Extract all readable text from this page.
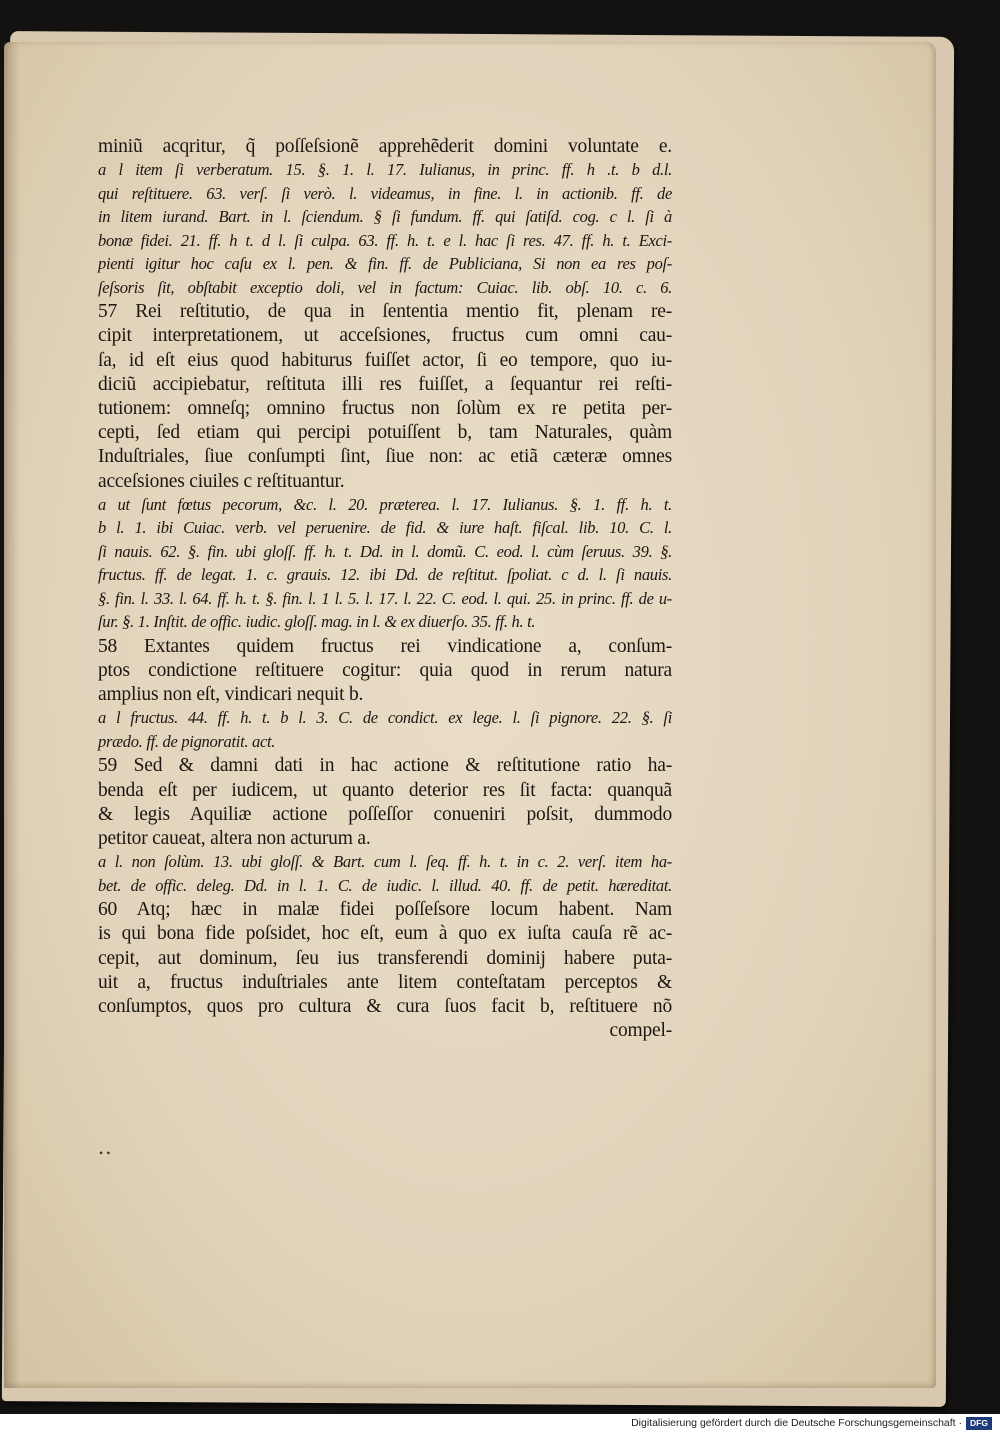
miniũ acqritur, q̃ poſſeſsionẽ apprehẽderit domini voluntate e.
a l item ſi verberatum. 15. §. 1. l. 17. Iulianus, in princ. ff. h .t. b d.l.
qui reſtituere. 63. verſ. ſi verò. l. videamus, in fine. l. in actionib. ff. de
in litem iurand. Bart. in l. ſciendum. § ſi fundum. ff. qui ſatiſd. cog. c l. ſi à
bonæ fidei. 21. ff. h t. d l. ſi culpa. 63. ff. h. t. e l. hac ſi res. 47. ff. h. t. Exci-
pienti igitur hoc caſu ex l. pen. & fin. ff. de Publiciana, Si non ea res poſ-
ſeſsoris ſit, obſtabit exceptio doli, vel in factum: Cuiac. lib. obſ. 10. c. 6.
57 Rei reſtitutio, de qua in ſententia mentio fit, plenam re-
cipit interpretationem, ut acceſsiones, fructus cum omni cau-
ſa, id eſt eius quod habiturus fuiſſet actor, ſi eo tempore, quo iu-
diciũ accipiebatur, reſtituta illi res fuiſſet, a ſequantur rei reſti-
tutionem: omneſq; omnino fructus non ſolùm ex re petita per-
cepti, ſed etiam qui percipi potuiſſent b, tam Naturales, quàm
Induſtriales, ſiue conſumpti ſint, ſiue non: ac etiã cæteræ omnes
acceſsiones ciuiles c reſtituantur.
a ut ſunt fœtus pecorum, &c. l. 20. præterea. l. 17. Iulianus. §. 1. ff. h. t.
b l. 1. ibi Cuiac. verb. vel peruenire. de fid. & iure haſt. fiſcal. lib. 10. C. l.
ſi nauis. 62. §. fin. ubi gloſſ. ff. h. t. Dd. in l. domũ. C. eod. l. cùm ſeruus. 39. §.
fructus. ff. de legat. 1. c. grauis. 12. ibi Dd. de reſtitut. ſpoliat. c d. l. ſi nauis.
§. fin. l. 33. l. 64. ff. h. t. §. fin. l. 1 l. 5. l. 17. l. 22. C. eod. l. qui. 25. in princ. ff. de u-
ſur. §. 1. Inſtit. de offic. iudic. gloſſ. mag. in l. & ex diuerſo. 35. ff. h. t.
58 Extantes quidem fructus rei vindicatione a, conſum-
ptos condictione reſtituere cogitur: quia quod in rerum natura
amplius non eſt, vindicari nequit b.
a l fructus. 44. ff. h. t. b l. 3. C. de condict. ex lege. l. ſi pignore. 22. §. ſi
prædo. ff. de pignoratit. act.
59 Sed & damni dati in hac actione & reſtitutione ratio ha-
benda eſt per iudicem, ut quanto deterior res ſit facta: quanquã
& legis Aquiliæ actione poſſeſſor conueniri poſsit, dummodo
petitor caueat, altera non acturum a.
a l. non ſolùm. 13. ubi gloſſ. & Bart. cum l. ſeq. ff. h. t. in c. 2. verſ. item ha-
bet. de offic. deleg. Dd. in l. 1. C. de iudic. l. illud. 40. ff. de petit. hæreditat.
60 Atq; hæc in malæ fidei poſſeſsore locum habent. Nam
is qui bona fide poſsidet, hoc eſt, eum à quo ex iuſta cauſa rẽ ac-
cepit, aut dominum, ſeu ius transferendi dominij habere puta-
uit a, fructus induſtriales ante litem conteſtatam perceptos &
conſumptos, quos pro cultura & cura ſuos facit b, reſtituere nõ
compel-
• •
Digitalisierung gefördert durch die Deutsche Forschungsgemeinschaft · DFG
